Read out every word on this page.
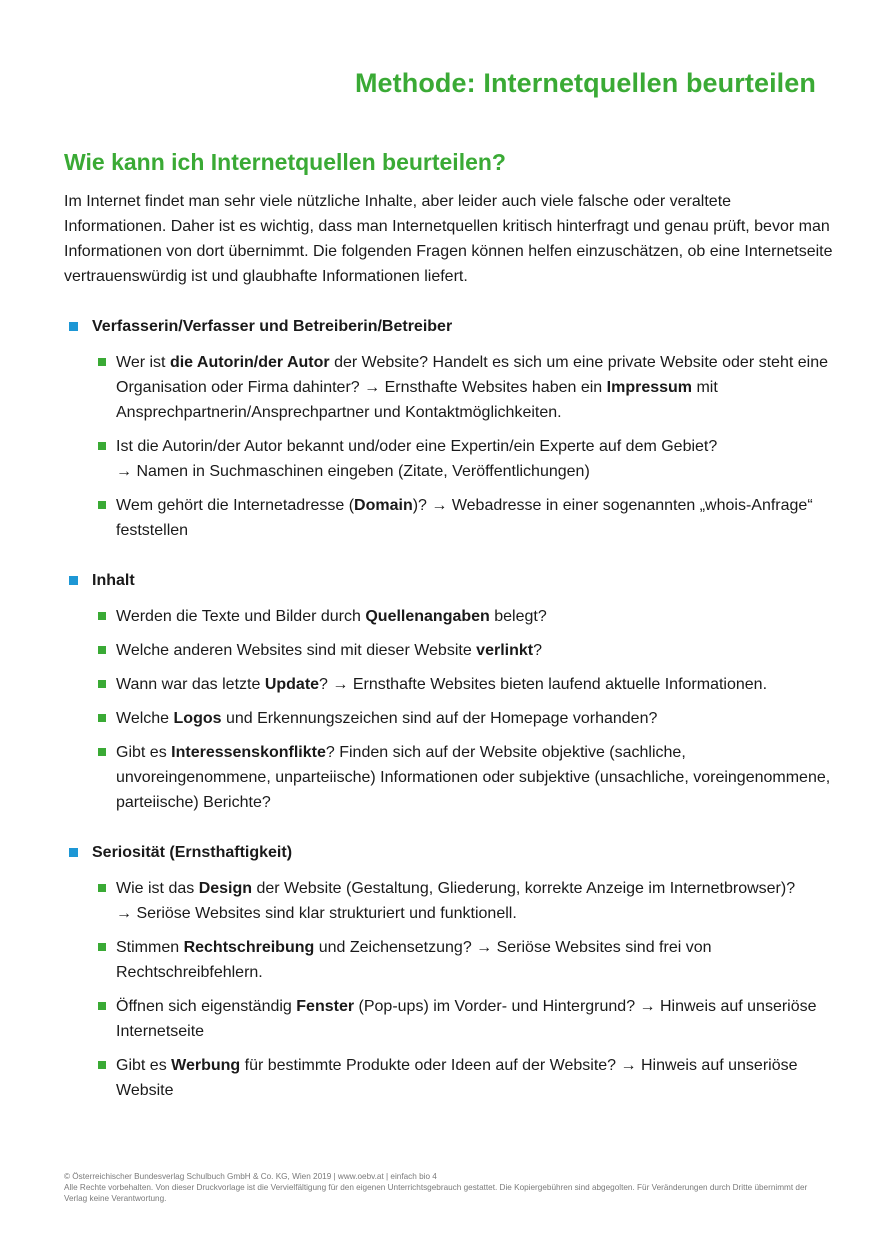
Methode: Internetquellen beurteilen
Wie kann ich Internetquellen beurteilen?

Im Internet findet man sehr viele nützliche Inhalte, aber leider auch viele falsche oder veraltete Informationen. Daher ist es wichtig, dass man Internetquellen kritisch hinterfragt und genau prüft, bevor man Informationen von dort übernimmt. Die folgenden Fragen können helfen einzuschätzen, ob eine Internetseite vertrauenswürdig ist und glaubhafte Informationen liefert.

Verfasserin/Verfasser und Betreiberin/Betreiber
Wer ist die Autorin/der Autor der Website? Handelt es sich um eine private Website oder steht eine Organisation oder Firma dahinter? → Ernsthafte Websites haben ein Impressum mit Ansprechpartnerin/Ansprechpartner und Kontaktmöglichkeiten.
Ist die Autorin/der Autor bekannt und/oder eine Expertin/ein Experte auf dem Gebiet?
→ Namen in Suchmaschinen eingeben (Zitate, Veröffentlichungen)
Wem gehört die Internetadresse (Domain)? → Webadresse in einer sogenannten „whois-Anfrage“ feststellen
Inhalt
Werden die Texte und Bilder durch Quellenangaben belegt?
Welche anderen Websites sind mit dieser Website verlinkt?
Wann war das letzte Update? → Ernsthafte Websites bieten laufend aktuelle Informationen.
Welche Logos und Erkennungszeichen sind auf der Homepage vorhanden?
Gibt es Interessenskonflikte? Finden sich auf der Website objektive (sachliche, unvoreingenommene, unparteiische) Informationen oder subjektive (unsachliche, voreingenommene, parteiische) Berichte?
Seriosität (Ernsthaftigkeit)
Wie ist das Design der Website (Gestaltung, Gliederung, korrekte Anzeige im Internetbrowser)?
→ Seriöse Websites sind klar strukturiert und funktionell.
Stimmen Rechtschreibung und Zeichensetzung? → Seriöse Websites sind frei von Rechtschreibfehlern.
Öffnen sich eigenständig Fenster (Pop-ups) im Vorder- und Hintergrund? → Hinweis auf unseriöse Internetseite
Gibt es Werbung für bestimmte Produkte oder Ideen auf der Website? → Hinweis auf unseriöse Website
© Österreichischer Bundesverlag Schulbuch GmbH & Co. KG, Wien 2019 | www.oebv.at | einfach bio 4
Alle Rechte vorbehalten. Von dieser Druckvorlage ist die Vervielfältigung für den eigenen Unterrichtsgebrauch gestattet. Die Kopiergebühren sind abgegolten. Für Veränderungen durch Dritte übernimmt der Verlag keine Verantwortung.
